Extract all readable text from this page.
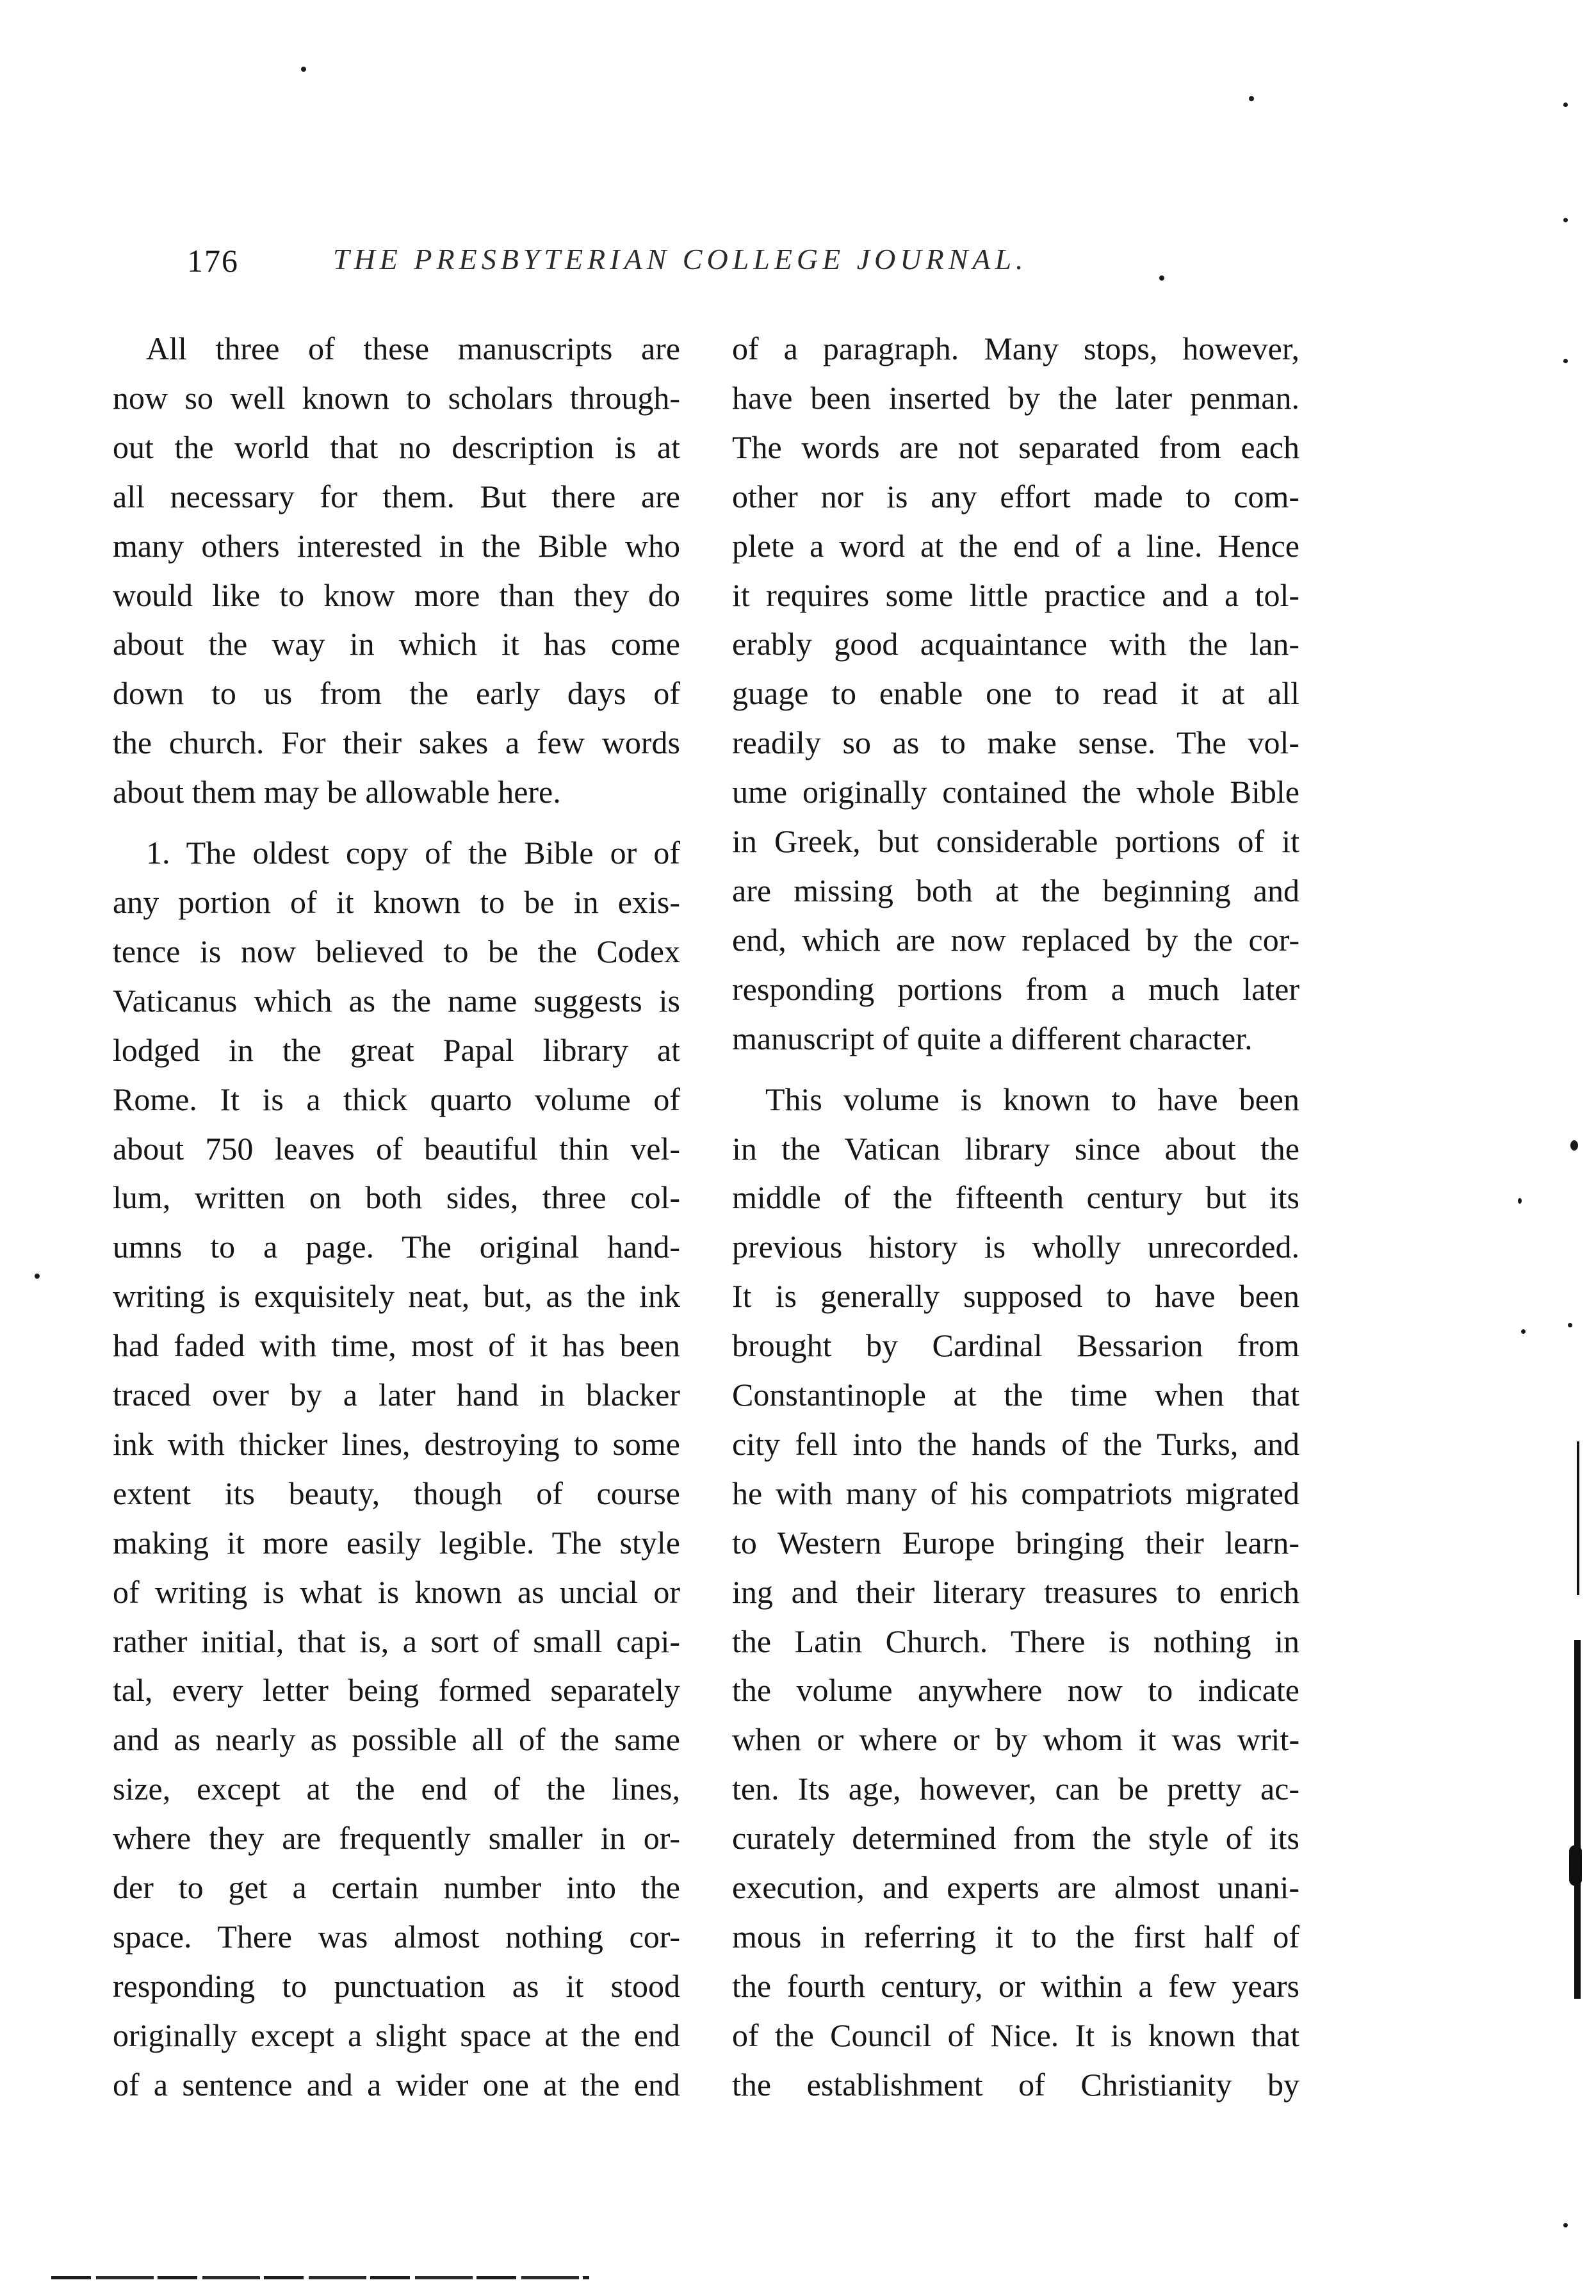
176	THE PRESBYTERIAN COLLEGE JOURNAL.

All three of these manuscripts are
now so well known to scholars through-
out the world that no description is at
all necessary for them. But there are
many others interested in the Bible who
would like to know more than they do
about the way in which it has come
down to us from the early days of
the church. For their sakes a few words
about them may be allowable here.

1. The oldest copy of the Bible or of
any portion of it known to be in exis-
tence is now believed to be the Codex
Vaticanus which as the name suggests is
lodged in the great Papal library at
Rome. It is a thick quarto volume of
about 750 leaves of beautiful thin vel-
lum, written on both sides, three col-
umns to a page. The original hand-
writing is exquisitely neat, but, as the ink
had faded with time, most of it has been
traced over by a later hand in blacker
ink with thicker lines, destroying to some
extent its beauty, though of course
making it more easily legible. The style
of writing is what is known as uncial or
rather initial, that is, a sort of small capi-
tal, every letter being formed separately
and as nearly as possible all of the same
size, except at the end of the lines,
where they are frequently smaller in or-
der to get a certain number into the
space. There was almost nothing cor-
responding to punctuation as it stood
originally except a slight space at the end
of a sentence and a wider one at the end

of a paragraph. Many stops, however,
have been inserted by the later penman.
The words are not separated from each
other nor is any effort made to com-
plete a word at the end of a line. Hence
it requires some little practice and a tol-
erably good acquaintance with the lan-
guage to enable one to read it at all
readily so as to make sense. The vol-
ume originally contained the whole Bible
in Greek, but considerable portions of it
are missing both at the beginning and
end, which are now replaced by the cor-
responding portions from a much later
manuscript of quite a different character.

This volume is known to have been
in the Vatican library since about the
middle of the fifteenth century but its
previous history is wholly unrecorded.
It is generally supposed to have been
brought by Cardinal Bessarion from
Constantinople at the time when that
city fell into the hands of the Turks, and
he with many of his compatriots migrated
to Western Europe bringing their learn-
ing and their literary treasures to enrich
the Latin Church. There is nothing in
the volume anywhere now to indicate
when or where or by whom it was writ-
ten. Its age, however, can be pretty ac-
curately determined from the style of its
execution, and experts are almost unani-
mous in referring it to the first half of
the fourth century, or within a few years
of the Council of Nice. It is known that
the establishment of Christianity by
